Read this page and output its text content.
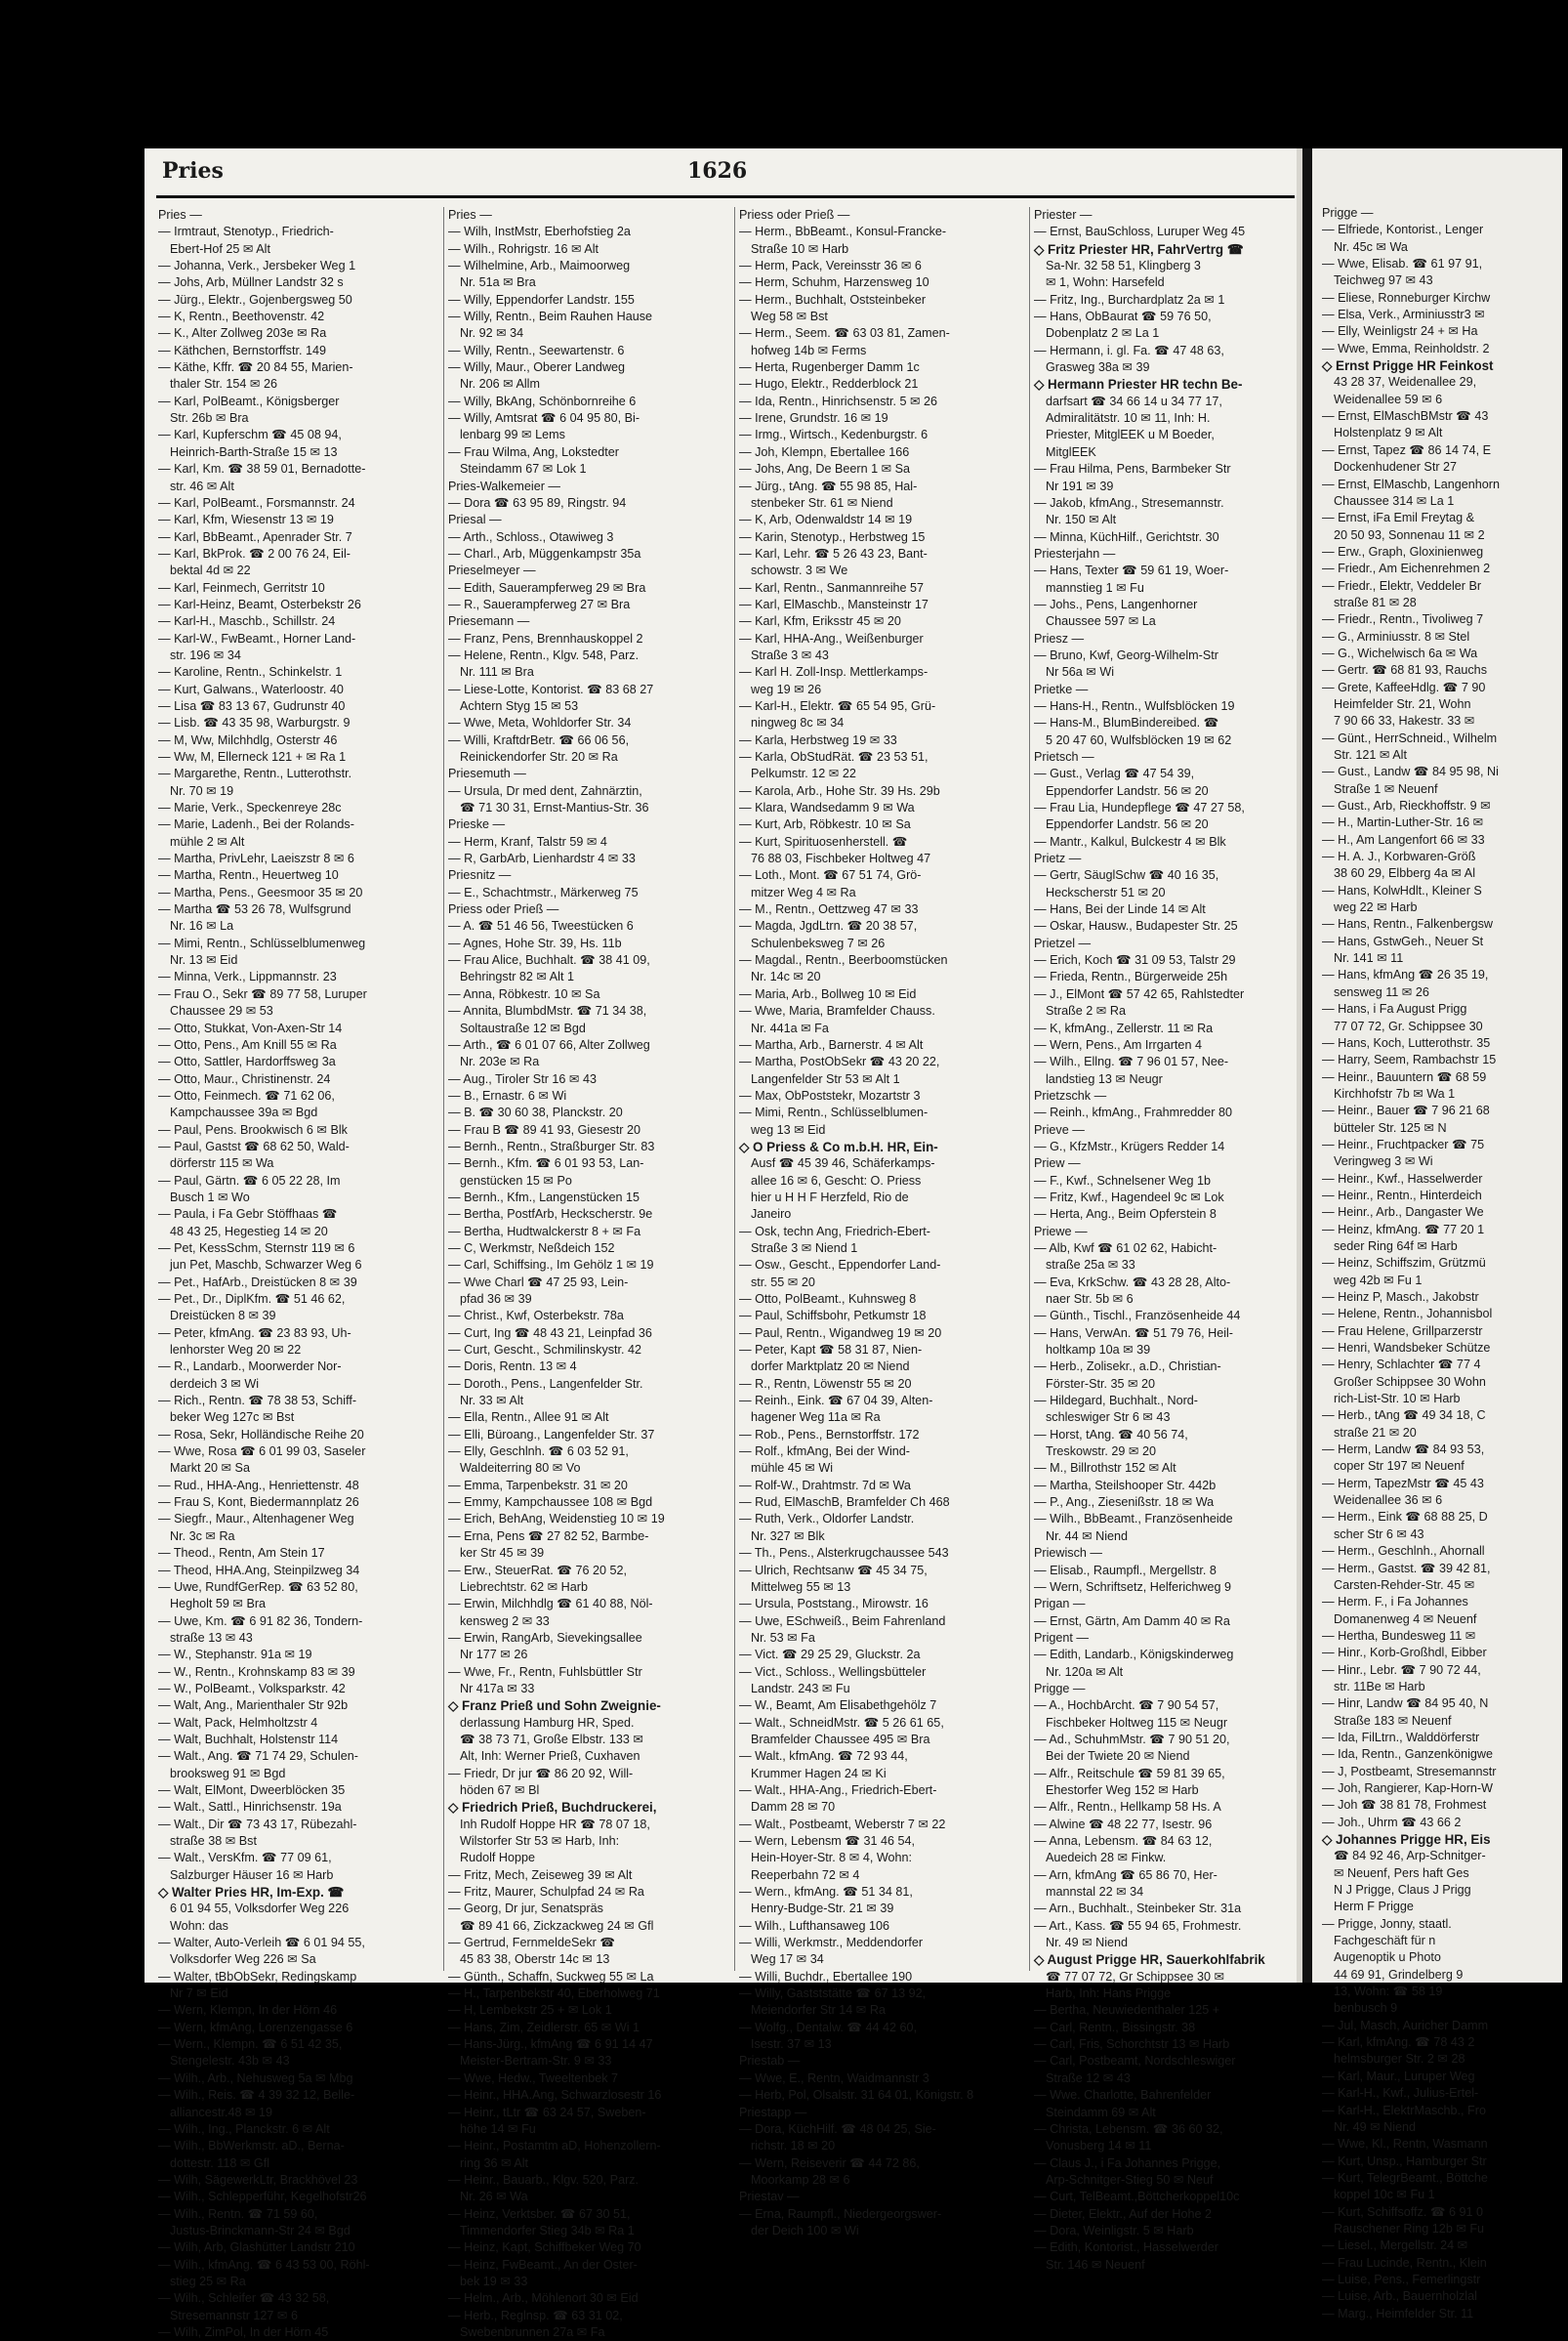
Pries	1626
Pries —
— Irmtraut, Stenotyp., Friedrich-
Ebert-Hof 25 ✉ Alt
— Johanna, Verk., Jersbeker Weg 1
— Johs, Arb, Müllner Landstr 32 s
— Jürg., Elektr., Gojenbergsweg 50
— K, Rentn., Beethovenstr. 42
— K., Alter Zollweg 203e ✉ Ra
— Käthchen, Bernstorffstr. 149
— Käthe, Kffr. ☎ 20 84 55, Marien-
thaler Str. 154 ✉ 26
— Karl, PolBeamt., Königsberger
Str. 26b ✉ Bra
— Karl, Kupferschm ☎ 45 08 94,
Heinrich-Barth-Straße 15 ✉ 13
— Karl, Km. ☎ 38 59 01, Bernadotte-
str. 46 ✉ Alt
— Karl, PolBeamt., Forsmannstr. 24
— Karl, Kfm, Wiesenstr 13 ✉ 19
— Karl, BbBeamt., Apenrader Str. 7
— Karl, BkProk. ☎ 2 00 76 24, Eil-
bektal 4d ✉ 22
— Karl, Feinmech, Gerritstr 10
— Karl-Heinz, Beamt, Osterbekstr 26
— Karl-H., Maschb., Schillstr. 24
— Karl-W., FwBeamt., Horner Land-
str. 196 ✉ 34
— Karoline, Rentn., Schinkelstr. 1
— Kurt, Galwans., Waterloostr. 40
— Lisa ☎ 83 13 67, Gudrunstr 40
— Lisb. ☎ 43 35 98, Warburgstr. 9
— M, Ww, Milchhdlg, Osterstr 46
— Ww, M, Ellerneck 121 + ✉ Ra 1
— Margarethe, Rentn., Lutterothstr.
Nr. 70 ✉ 19
— Marie, Verk., Speckenreye 28c
— Marie, Ladenh., Bei der Rolands-
mühle 2 ✉ Alt
— Martha, PrivLehr, Laeiszstr 8 ✉ 6
— Martha, Rentn., Heuertweg 10
— Martha, Pens., Geesmoor 35 ✉ 20
— Martha ☎ 53 26 78, Wulfsgrund
Nr. 16 ✉ La
— Mimi, Rentn., Schlüsselblumenweg
Nr. 13 ✉ Eid
— Minna, Verk., Lippmannstr. 23
— Frau O., Sekr ☎ 89 77 58, Luruper
Chaussee 29 ✉ 53
— Otto, Stukkat, Von-Axen-Str 14
— Otto, Pens., Am Knill 55 ✉ Ra
— Otto, Sattler, Hardorffsweg 3a
— Otto, Maur., Christinenstr. 24
— Otto, Feinmech. ☎ 71 62 06,
Kampchaussee 39a ✉ Bgd
— Paul, Pens. Brookwisch 6 ✉ Blk
— Paul, Gastst ☎ 68 62 50, Wald-
dörferstr 115 ✉ Wa
— Paul, Gärtn. ☎ 6 05 22 28, Im
Busch 1 ✉ Wo
— Paula, i Fa Gebr Stöffhaas ☎
48 43 25, Hegestieg 14 ✉ 20
— Pet, KessSchm, Sternstr 119 ✉ 6
jun Pet, Maschb, Schwarzer Weg 6
— Pet., HafArb., Dreistücken 8 ✉ 39
— Pet., Dr., DiplKfm. ☎ 51 46 62,
Dreistücken 8 ✉ 39
— Peter, kfmAng. ☎ 23 83 93, Uh-
lenhorster Weg 20 ✉ 22
— R., Landarb., Moorwerder Nor-
derdeich 3 ✉ Wi
— Rich., Rentn. ☎ 78 38 53, Schiff-
beker Weg 127c ✉ Bst
— Rosa, Sekr, Holländische Reihe 20
— Wwe, Rosa ☎ 6 01 99 03, Saseler
Markt 20 ✉ Sa
— Rud., HHA-Ang., Henriettenstr. 48
— Frau S, Kont, Biedermannplatz 26
— Siegfr., Maur., Altenhagener Weg
Nr. 3c ✉ Ra
— Theod., Rentn, Am Stein 17
— Theod, HHA.Ang, Steinpilzweg 34
— Uwe, RundfGerRep. ☎ 63 52 80,
Hegholt 59 ✉ Bra
— Uwe, Km. ☎ 6 91 82 36, Tondern-
straße 13 ✉ 43
— W., Stephanstr. 91a ✉ 19
— W., Rentn., Krohnskamp 83 ✉ 39
— W., PolBeamt., Volksparkstr. 42
— Walt, Ang., Marienthaler Str 92b
— Walt, Pack, Helmholtzstr 4
— Walt, Buchhalt, Holstenstr 114
— Walt., Ang. ☎ 71 74 29, Schulen-
brooksweg 91 ✉ Bgd
— Walt, ElMont, Dweerblöcken 35
— Walt., Sattl., Hinrichsenstr. 19a
— Walt., Dir ☎ 73 43 17, Rübezahl-
straße 38 ✉ Bst
— Walt., VersKfm. ☎ 77 09 61,
Salzburger Häuser 16 ✉ Harb
◇ Walter Pries HR, Im-Exp. ☎
6 01 94 55, Volksdorfer Weg 226
Wohn: das
— Walter, Auto-Verleih ☎ 6 01 94 55,
Volksdorfer Weg 226 ✉ Sa
— Walter, tBbObSekr, Redingskamp
Nr 7 ✉ Eid
— Wern, Klempn, In der Hörn 46
— Wern, kfmAng, Lorenzengasse 6
— Wern., Klempn. ☎ 6 51 42 35,
Stengelestr. 43b ✉ 43
— Wilh., Arb., Nehusweg 5a ✉ Mbg
— Wilh., Reis. ☎ 4 39 32 12, Belle-
alliancestr.48 ✉ 19
— Wilh., Ing., Planckstr. 6 ✉ Alt
— Wilh., BbWerkmstr. aD., Berna-
dottestr. 118 ✉ Gfl
— Wilh, SägewerkLtr, Brackhövel 23
— Wilh., Schlepperführ, Kegelhofstr26
— Wilh., Rentn. ☎ 71 59 60,
Justus-Brinckmann-Str 24 ✉ Bgd
— Wilh, Arb, Glashütter Landstr 210
— Wilh., kfmAng. ☎ 6 43 53 00, Röhl-
stieg 25 ✉ Ra
— Wilh., Schleifer ☎ 43 32 58,
Stresemannstr 127 ✉ 6
— Wilh, ZimPol, In der Hörn 45
Pries —
— Wilh, InstMstr, Eberhofstieg 2a
— Wilh., Rohrigstr. 16 ✉ Alt
— Wilhelmine, Arb., Maimoorweg
Nr. 51a ✉ Bra
— Willy, Eppendorfer Landstr. 155
— Willy, Rentn., Beim Rauhen Hause
Nr. 92 ✉ 34
— Willy, Rentn., Seewartenstr. 6
— Willy, Maur., Oberer Landweg
Nr. 206 ✉ Allm
— Willy, BkAng, Schönbornreihe 6
— Willy, Amtsrat ☎ 6 04 95 80, Bi-
lenbarg 99 ✉ Lems
— Frau Wilma, Ang, Lokstedter
Steindamm 67 ✉ Lok 1
Pries-Walkemeier —
— Dora ☎ 63 95 89, Ringstr. 94
Priesal —
— Arth., Schloss., Otawiweg 3
— Charl., Arb, Müggenkampstr 35a
Prieselmeyer —
— Edith, Sauerampferweg 29 ✉ Bra
— R., Sauerampferweg 27 ✉ Bra
Priesemann —
— Franz, Pens, Brennhauskoppel 2
— Helene, Rentn., Klgv. 548, Parz.
Nr. 111 ✉ Bra
— Liese-Lotte, Kontorist. ☎ 83 68 27
Achtern Styg 15 ✉ 53
— Wwe, Meta, Wohldorfer Str. 34
— Willi, KraftdrBetr. ☎ 66 06 56,
Reinickendorfer Str. 20 ✉ Ra
Priesemuth —
— Ursula, Dr med dent, Zahnärztin,
☎ 71 30 31, Ernst-Mantius-Str. 36
Prieske —
— Herm, Kranf, Talstr 59 ✉ 4
— R, GarbArb, Lienhardstr 4 ✉ 33
Priesnitz —
— E., Schachtmstr., Märkerweg 75
Priess oder Prieß —
— A. ☎ 51 46 56, Tweestücken 6
— Agnes, Hohe Str. 39, Hs. 11b
— Frau Alice, Buchhalt. ☎ 38 41 09,
Behringstr 82 ✉ Alt 1
— Anna, Röbkestr. 10 ✉ Sa
— Annita, BlumbdMstr. ☎ 71 34 38,
Soltaustraße 12 ✉ Bgd
— Arth., ☎ 6 01 07 66, Alter Zollweg
Nr. 203e ✉ Ra
— Aug., Tiroler Str 16 ✉ 43
— B., Ernastr. 6 ✉ Wi
— B. ☎ 30 60 38, Planckstr. 20
— Frau B ☎ 89 41 93, Giesestr 20
— Bernh., Rentn., Straßburger Str. 83
— Bernh., Kfm. ☎ 6 01 93 53, Lan-
genstücken 15 ✉ Po
— Bernh., Kfm., Langenstücken 15
— Bertha, PostfArb, Heckscherstr. 9e
— Bertha, Hudtwalckerstr 8 + ✉ Fa
— C, Werkmstr, Neßdeich 152
— Carl, Schiffsing., Im Gehölz 1 ✉ 19
— Wwe Charl ☎ 47 25 93, Lein-
pfad 36 ✉ 39
— Christ., Kwf, Osterbekstr. 78a
— Curt, Ing ☎ 48 43 21, Leinpfad 36
— Curt, Gescht., Schmilinskystr. 42
— Doris, Rentn. 13 ✉ 4
— Doroth., Pens., Langenfelder Str.
Nr. 33 ✉ Alt
— Ella, Rentn., Allee 91 ✉ Alt
— Elli, Büroang., Langenfelder Str. 37
— Elly, Geschlnh. ☎ 6 03 52 91,
Waldeiterring 80 ✉ Vo
— Emma, Tarpenbekstr. 31 ✉ 20
— Emmy, Kampchaussee 108 ✉ Bgd
— Erich, BehAng, Weidenstieg 10 ✉ 19
— Erna, Pens ☎ 27 82 52, Barmbe-
ker Str 45 ✉ 39
— Erw., SteuerRat. ☎ 76 20 52,
Liebrechtstr. 62 ✉ Harb
— Erwin, Milchhdlg ☎ 61 40 88, Nöl-
kensweg 2 ✉ 33
— Erwin, RangArb, Sievekingsallee
Nr 177 ✉ 26
— Wwe, Fr., Rentn, Fuhlsbüttler Str
Nr 417a ✉ 33
◇ Franz Prieß und Sohn Zweignie-
derlassung Hamburg HR, Sped.
☎ 38 73 71, Große Elbstr. 133 ✉
Alt, Inh: Werner Prieß, Cuxhaven
— Friedr, Dr jur ☎ 86 20 92, Will-
höden 67 ✉ Bl
◇ Friedrich Prieß, Buchdruckerei,
Inh Rudolf Hoppe HR ☎ 78 07 18,
Wilstorfer Str 53 ✉ Harb, Inh:
Rudolf Hoppe
— Fritz, Mech, Zeiseweg 39 ✉ Alt
— Fritz, Maurer, Schulpfad 24 ✉ Ra
— Georg, Dr jur, Senatspräs
☎ 89 41 66, Zickzackweg 24 ✉ Gfl
— Gertrud, FernmeldeSekr ☎
45 83 38, Oberstr 14c ✉ 13
— Günth., Schaffn, Suckweg 55 ✉ La
— H., Tarpenbekstr 40, Eberholweg 71
— H, Lembekstr 25 + ✉ Lok 1
— Hans, Zim, Zeidlerstr. 65 ✉ Wi 1
— Hans-Jürg., kfmAng ☎ 6 91 14 47
Meister-Bertram-Str. 9 ✉ 33
— Wwe, Hedw., Tweeltenbek 7
— Heinr., HHA.Ang, Schwarzlosestr 16
— Heinr., tLtr ☎ 63 24 57, Sweben-
höhe 14 ✉ Fu
— Heinr., Postamtm aD, Hohenzollern-
ring 36 ✉ Alt
— Heinr., Bauarb., Klgv. 520, Parz.
Nr. 26 ✉ Wa
— Heinz, Verktsber. ☎ 67 30 51,
Timmendorfer Stieg 34b ✉ Ra 1
— Heinz, Kapt, Schiffbeker Weg 70
— Heinz, FwBeamt., An der Oster-
bek 19 ✉ 33
— Helm., Arb., Möhlenort 30 ✉ Eid
— Herb., Reglnsp. ☎ 63 31 02,
Swebenbrunnen 27a ✉ Fa
Priess oder Prieß —
— Herm., BbBeamt., Konsul-Francke-
Straße 10 ✉ Harb
— Herm, Pack, Vereinsstr 36 ✉ 6
— Herm, Schuhm, Harzensweg 10
— Herm., Buchhalt, Oststeinbeker
Weg 58 ✉ Bst
— Herm., Seem. ☎ 63 03 81, Zamen-
hofweg 14b ✉ Ferms
— Herta, Rugenberger Damm 1c
— Hugo, Elektr., Redderblock 21
— Ida, Rentn., Hinrichsenstr. 5 ✉ 26
— Irene, Grundstr. 16 ✉ 19
— Irmg., Wirtsch., Kedenburgstr. 6
— Joh, Klempn, Ebertallee 166
— Johs, Ang, De Beern 1 ✉ Sa
— Jürg., tAng. ☎ 55 98 85, Hal-
stenbeker Str. 61 ✉ Niend
— K, Arb, Odenwaldstr 14 ✉ 19
— Karin, Stenotyp., Herbstweg 15
— Karl, Lehr. ☎ 5 26 43 23, Bant-
schowstr. 3 ✉ We
— Karl, Rentn., Sanmannreihe 57
— Karl, ElMaschb., Mansteinstr 17
— Karl, Kfm, Eriksstr 45 ✉ 20
— Karl, HHA-Ang., Weißenburger
Straße 3 ✉ 43
— Karl H. Zoll-Insp. Mettlerkamps-
weg 19 ✉ 26
— Karl-H., Elektr. ☎ 65 54 95, Grü-
ningweg 8c ✉ 34
— Karla, Herbstweg 19 ✉ 33
— Karla, ObStudRät. ☎ 23 53 51,
Pelkumstr. 12 ✉ 22
— Karola, Arb., Hohe Str. 39 Hs. 29b
— Klara, Wandsedamm 9 ✉ Wa
— Kurt, Arb, Röbkestr. 10 ✉ Sa
— Kurt, Spirituosenherstell. ☎
76 88 03, Fischbeker Holtweg 47
— Loth., Mont. ☎ 67 51 74, Grö-
mitzer Weg 4 ✉ Ra
— M., Rentn., Oettzweg 47 ✉ 33
— Magda, JgdLtrn. ☎ 20 38 57,
Schulenbeksweg 7 ✉ 26
— Magdal., Rentn., Beerboomstücken
Nr. 14c ✉ 20
— Maria, Arb., Bollweg 10 ✉ Eid
— Wwe, Maria, Bramfelder Chauss.
Nr. 441a ✉ Fa
— Martha, Arb., Barnerstr. 4 ✉ Alt
— Martha, PostObSekr ☎ 43 20 22,
Langenfelder Str 53 ✉ Alt 1
— Max, ObPoststekr, Mozartstr 3
— Mimi, Rentn., Schlüsselblumen-
weg 13 ✉ Eid
◇ O Priess & Co m.b.H. HR, Ein-
Ausf ☎ 45 39 46, Schäferkamps-
allee 16 ✉ 6, Gescht: O. Priess
hier u H H F Herzfeld, Rio de
Janeiro
— Osk, techn Ang, Friedrich-Ebert-
Straße 3 ✉ Niend 1
— Osw., Gescht., Eppendorfer Land-
str. 55 ✉ 20
— Otto, PolBeamt., Kuhnsweg 8
— Paul, Schiffsbohr, Petkumstr 18
— Paul, Rentn., Wigandweg 19 ✉ 20
— Peter, Kapt ☎ 58 31 87, Nien-
dorfer Marktplatz 20 ✉ Niend
— R., Rentn, Löwenstr 55 ✉ 20
— Reinh., Eink. ☎ 67 04 39, Alten-
hagener Weg 11a ✉ Ra
— Rob., Pens., Bernstorffstr. 172
— Rolf., kfmAng, Bei der Wind-
mühle 45 ✉ Wi
— Rolf-W., Drahtmstr. 7d ✉ Wa
— Rud, ElMaschB, Bramfelder Ch 468
— Ruth, Verk., Oldorfer Landstr.
Nr. 327 ✉ Blk
— Th., Pens., Alsterkrugchaussee 543
— Ulrich, Rechtsanw ☎ 45 34 75,
Mittelweg 55 ✉ 13
— Ursula, Poststang., Mirowstr. 16
— Uwe, ESchweiß., Beim Fahrenland
Nr. 53 ✉ Fa
— Vict. ☎ 29 25 29, Gluckstr. 2a
— Vict., Schloss., Wellingsbütteler
Landstr. 243 ✉ Fu
— W., Beamt, Am Elisabethgehölz 7
— Walt., SchneidMstr. ☎ 5 26 61 65,
Bramfelder Chaussee 495 ✉ Bra
— Walt., kfmAng. ☎ 72 93 44,
Krummer Hagen 24 ✉ Ki
— Walt., HHA-Ang., Friedrich-Ebert-
Damm 28 ✉ 70
— Walt., Postbeamt, Weberstr 7 ✉ 22
— Wern, Lebensm ☎ 31 46 54,
Hein-Hoyer-Str. 8 ✉ 4, Wohn:
Reeperbahn 72 ✉ 4
— Wern., kfmAng. ☎ 51 34 81,
Henry-Budge-Str. 21 ✉ 39
— Wilh., Lufthansaweg 106
— Willi, Werkmstr., Meddendorfer
Weg 17 ✉ 34
— Willi, Buchdr., Ebertallee 190
— Willy, Gastststätte ☎ 67 13 92,
Meiendorfer Str 14 ✉ Ra
— Wolfg., Dentalw. ☎ 44 42 60,
Isestr. 37 ✉ 13
Priestab —
— Wwe, E., Rentn, Waidmannstr 3
— Herb, Pol, Olsalstr. 31 64 01, Königstr. 8
Priestapp —
— Dora, KüchHilf. ☎ 48 04 25, Sie-
richstr. 18 ✉ 20
— Wern, Reiseverir ☎ 44 72 86,
Moorkamp 28 ✉ 6
Priestav —
— Erna, Raumpfl., Niedergeorgswer-
der Deich 100 ✉ Wi
Priester —
— Ernst, BauSchloss, Luruper Weg 45
◇ Fritz Priester HR, FahrVertrg ☎
Sa-Nr. 32 58 51, Klingberg 3
✉ 1, Wohn: Harsefeld
— Fritz, Ing., Burchardplatz 2a ✉ 1
— Hans, ObBaurat ☎ 59 76 50,
Dobenplatz 2 ✉ La 1
— Hermann, i. gl. Fa. ☎ 47 48 63,
Grasweg 38a ✉ 39
◇ Hermann Priester HR techn Be-
darfsart ☎ 34 66 14 u 34 77 17,
Admiralitätstr. 10 ✉ 11, Inh: H.
Priester, MitglEEK u M Boeder,
MitglEEK
— Frau Hilma, Pens, Barmbeker Str
Nr 191 ✉ 39
— Jakob, kfmAng., Stresemannstr.
Nr. 150 ✉ Alt
— Minna, KüchHilf., Gerichtstr. 30
Priesterjahn —
— Hans, Texter ☎ 59 61 19, Woer-
mannstieg 1 ✉ Fu
— Johs., Pens, Langenhorner
Chaussee 597 ✉ La
Priesz —
— Bruno, Kwf, Georg-Wilhelm-Str
Nr 56a ✉ Wi
Prietke —
— Hans-H., Rentn., Wulfsblöcken 19
— Hans-M., BlumBindereibed. ☎
5 20 47 60, Wulfsblöcken 19 ✉ 62
Prietsch —
— Gust., Verlag ☎ 47 54 39,
Eppendorfer Landstr. 56 ✉ 20
— Frau Lia, Hundepflege ☎ 47 27 58,
Eppendorfer Landstr. 56 ✉ 20
— Mantr., Kalkul, Bulckestr 4 ✉ Blk
Prietz —
— Gertr, SäuglSchw ☎ 40 16 35,
Heckscherstr 51 ✉ 20
— Hans, Bei der Linde 14 ✉ Alt
— Oskar, Hausw., Budapester Str. 25
Prietzel —
— Erich, Koch ☎ 31 09 53, Talstr 29
— Frieda, Rentn., Bürgerweide 25h
— J., ElMont ☎ 57 42 65, Rahlstedter
Straße 2 ✉ Ra
— K, kfmAng., Zellerstr. 11 ✉ Ra
— Wern, Pens., Am Irrgarten 4
— Wilh., Ellng. ☎ 7 96 01 57, Nee-
landstieg 13 ✉ Neugr
Prietzschk —
— Reinh., kfmAng., Frahmredder 80
Prieve —
— G., KfzMstr., Krügers Redder 14
Priew —
— F., Kwf., Schnelsener Weg 1b
— Fritz, Kwf., Hagendeel 9c ✉ Lok
— Herta, Ang., Beim Opferstein 8
Priewe —
— Alb, Kwf ☎ 61 02 62, Habicht-
straße 25a ✉ 33
— Eva, KrkSchw. ☎ 43 28 28, Alto-
naer Str. 5b ✉ 6
— Günth., Tischl., Französenheide 44
— Hans, VerwAn. ☎ 51 79 76, Heil-
holtkamp 10a ✉ 39
— Herb., Zolisekr., a.D., Christian-
Förster-Str. 35 ✉ 20
— Hildegard, Buchhalt., Nord-
schleswiger Str 6 ✉ 43
— Horst, tAng. ☎ 40 56 74,
Treskowstr. 29 ✉ 20
— M., Billrothstr 152 ✉ Alt
— Martha, Steilshooper Str. 442b
— P., Ang., Ziesenißstr. 18 ✉ Wa
— Wilh., BbBeamt., Französenheide
Nr. 44 ✉ Niend
Priewisch —
— Elisab., Raumpfl., Mergellstr. 8
— Wern, Schriftsetz, Helferichweg 9
Prigan —
— Ernst, Gärtn, Am Damm 40 ✉ Ra
Prigent —
— Edith, Landarb., Königskinderweg
Nr. 120a ✉ Alt
Prigge —
— A., HochbArcht. ☎ 7 90 54 57,
Fischbeker Holtweg 115 ✉ Neugr
— Ad., SchuhmMstr. ☎ 7 90 51 20,
Bei der Twiete 20 ✉ Niend
— Alfr., Reitschule ☎ 59 81 39 65,
Ehestorfer Weg 152 ✉ Harb
— Alfr., Rentn., Hellkamp 58 Hs. A
— Alwine ☎ 48 22 77, Isestr. 96
— Anna, Lebensm. ☎ 84 63 12,
Auedeich 28 ✉ Finkw.
— Arn, kfmAng ☎ 65 86 70, Her-
mannstal 22 ✉ 34
— Arn., Buchhalt., Steinbeker Str. 31a
— Art., Kass. ☎ 55 94 65, Frohmestr.
Nr. 49 ✉ Niend
◇ August Prigge HR, Sauerkohlfabrik
☎ 77 07 72, Gr Schippsee 30 ✉
Harb, Inh: Hans Prigge
— Bertha, Neuwiedenthaler 125 +
— Carl, Rentn., Bissingstr. 38
— Carl, Fris, Schorchtstr 13 ✉ Harb
— Carl, Postbeamt, Nordschleswiger
Straße 12 ✉ 43
— Wwe. Charlotte, Bahrenfelder
Steindamm 69 ✉ Alt
— Christa, Lebensm. ☎ 36 60 32,
Vonusberg 14 ✉ 11
— Claus J., i Fa Johannes Prigge,
Arp-Schnitger-Stieg 50 ✉ Neuf
— Curt, TelBeamt.,Böttcherkoppel10c
— Dieter, Elektr., Auf der Hohe 2
— Dora, Weinligstr. 5 ✉ Harb
— Edith, Kontorist., Hasselwerder
Str. 146 ✉ Neuenf
Prigge —
— Elfriede, Kontorist., Lenger
Nr. 45c ✉ Wa
— Wwe, Elisab. ☎ 61 97 91,
Teichweg 97 ✉ 43
— Eliese, Ronneburger Kirchw
— Elsa, Verk., Arminiusstr3 ✉
— Elly, Weinligstr 24 + ✉ Ha
— Wwe, Emma, Reinholdstr. 2
◇ Ernst Prigge HR Feinkost
43 28 37, Weidenallee 29,
Weidenallee 59 ✉ 6
— Ernst, ElMaschBMstr ☎ 43
Holstenplatz 9 ✉ Alt
— Ernst, Tapez ☎ 86 14 74, E
Dockenhudener Str 27
— Ernst, ElMaschb, Langenhorn
Chaussee 314 ✉ La 1
— Ernst, iFa Emil Freytag &
20 50 93, Sonnenau 11 ✉ 2
— Erw., Graph, Gloxinienweg
— Friedr., Am Eichenrehmen 2
— Friedr., Elektr, Veddeler Br
straße 81 ✉ 28
— Friedr., Rentn., Tivoliweg 7
— G., Arminiusstr. 8 ✉ Stel
— G., Wichelwisch 6a ✉ Wa
— Gertr. ☎ 68 81 93, Rauchs
— Grete, KaffeeHdlg. ☎ 7 90
Heimfelder Str. 21, Wohn
7 90 66 33, Hakestr. 33 ✉
— Günt., HerrSchneid., Wilhelm
Str. 121 ✉ Alt
— Gust., Landw ☎ 84 95 98, Ni
Straße 1 ✉ Neuenf
— Gust., Arb, Rieckhoffstr. 9 ✉
— H., Martin-Luther-Str. 16 ✉
— H., Am Langenfort 66 ✉ 33
— H. A. J., Korbwaren-Größ
38 60 29, Elbberg 4a ✉ Al
— Hans, KolwHdlt., Kleiner S
weg 22 ✉ Harb
— Hans, Rentn., Falkenbergsw
— Hans, GstwGeh., Neuer St
Nr. 141 ✉ 11
— Hans, kfmAng ☎ 26 35 19,
sensweg 11 ✉ 26
— Hans, i Fa August Prigg
77 07 72, Gr. Schippsee 30
— Hans, Koch, Lutterothstr. 35
— Harry, Seem, Rambachstr 15
— Heinr., Bauuntern ☎ 68 59
Kirchhofstr 7b ✉ Wa 1
— Heinr., Bauer ☎ 7 96 21 68
bütteler Str. 125 ✉ N
— Heinr., Fruchtpacker ☎ 75
Veringweg 3 ✉ Wi
— Heinr., Kwf., Hasselwerder
— Heinr., Rentn., Hinterdeich
— Heinr., Arb., Dangaster We
— Heinz, kfmAng. ☎ 77 20 1
seder Ring 64f ✉ Harb
— Heinz, Schiffszim, Grützmü
weg 42b ✉ Fu 1
— Heinz P, Masch., Jakobstr
— Helene, Rentn., Johannisbol
— Frau Helene, Grillparzerstr
— Henri, Wandsbeker Schütze
— Henry, Schlachter ☎ 77 4
Großer Schippsee 30 Wohn
rich-List-Str. 10 ✉ Harb
— Herb., tAng ☎ 49 34 18, C
straße 21 ✉ 20
— Herm, Landw ☎ 84 93 53,
coper Str 197 ✉ Neuenf
— Herm, TapezMstr ☎ 45 43
Weidenallee 36 ✉ 6
— Herm., Eink ☎ 68 88 25, D
scher Str 6 ✉ 43
— Herm., Geschlnh., Ahornall
— Herm., Gastst. ☎ 39 42 81,
Carsten-Rehder-Str. 45 ✉
— Herm. F., i Fa Johannes
Domanenweg 4 ✉ Neuenf
— Hertha, Bundesweg 11 ✉
— Hinr., Korb-Großhdl, Eibber
— Hinr., Lebr. ☎ 7 90 72 44,
str. 11Be ✉ Harb
— Hinr, Landw ☎ 84 95 40, N
Straße 183 ✉ Neuenf
— Ida, FilLtrn., Walddörferstr
— Ida, Rentn., Ganzenkönigwe
— J, Postbeamt, Stresemannstr
— Joh, Rangierer, Kap-Horn-W
— Joh ☎ 38 81 78, Frohmest
— Joh., Uhrm ☎ 43 66 2
◇ Johannes Prigge HR, Eis
☎ 84 92 46, Arp-Schnitger-
✉ Neuenf, Pers haft Ges
N J Prigge, Claus J Prigg
Herm F Prigge
— Prigge, Jonny, staatl.
Fachgeschäft für n
Augenoptik u Photo
44 69 91, Grindelberg 9
13, Wohn: ☎ 58 19
benbusch 9
— Jul, Masch, Auricher Damm
— Karl, kfmAng. ☎ 78 43 2
helmsburger Str. 2 ✉ 28
— Karl, Maur., Luruper Weg
— Karl-H., Kwf., Julius-Ertel-
— Karl-H., ElektrMaschb., Fro
Nr. 49 ✉ Niend
— Wwe, Kl., Rentn, Wasmann
— Kurt, Unsp., Hamburger Str
— Kurt, TelegrBeamt., Böttche
koppel 10c ✉ Fu 1
— Kurt, Schiffsoffz. ☎ 6 91 0
Rauschener Ring 12b ✉ Fu
— Liesel., Mergellstr. 24 ✉
— Frau Lucinde, Rentn., Klein
— Luise, Pens., Femerlingstr
— Luise, Arb., Bauernholzlal
— Marg., Heimfelder Str. 11
